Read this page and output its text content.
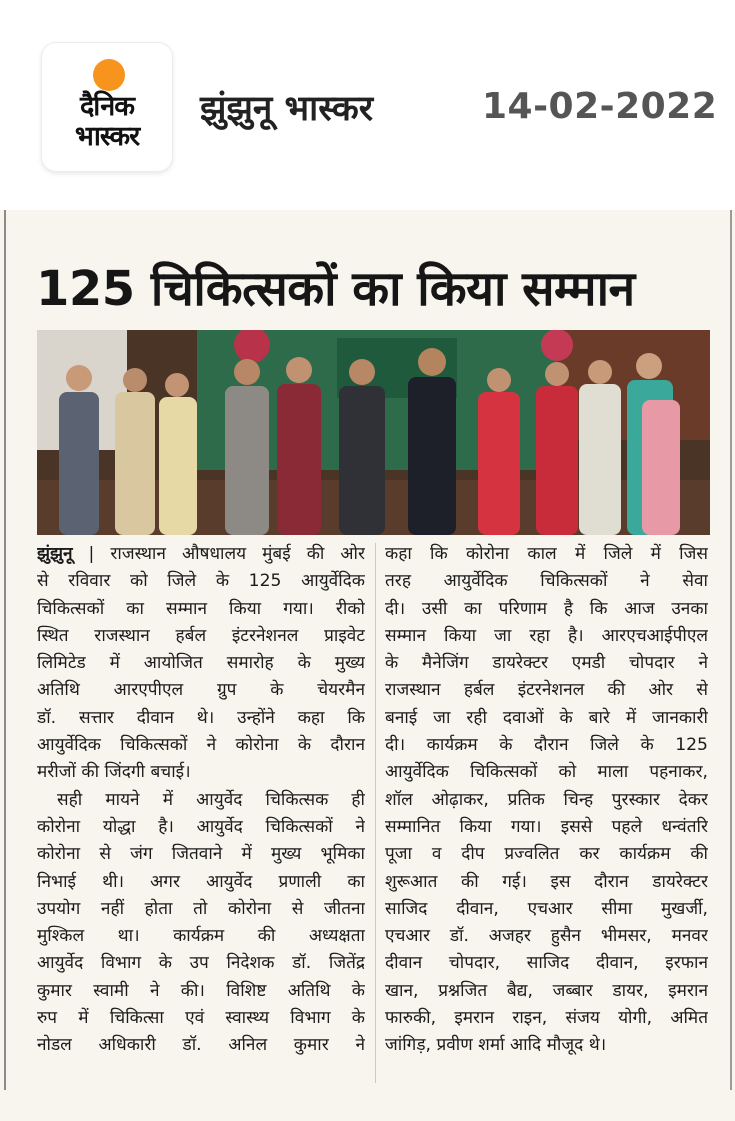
दैनिक
भास्कर
झुंझुनू भास्कर	14-02-2022
125 चिकित्सकों का किया सम्मान
झुंझुनू | राजस्थान औषधालय मुंबई की ओर
से रविवार को जिले के 125 आयुर्वेदिक
चिकित्सकों का सम्मान किया गया। रीको
स्थित राजस्थान हर्बल इंटरनेशनल प्राइवेट
लिमिटेड में आयोजित समारोह के मुख्य
अतिथि आरएपीएल ग्रुप के चेयरमैन
डॉ. सत्तार दीवान थे। उन्होंने कहा कि
आयुर्वेदिक चिकित्सकों ने कोरोना के दौरान
मरीजों की जिंदगी बचाई।
सही मायने में आयुर्वेद चिकित्सक ही
कोरोना योद्धा है। आयुर्वेद चिकित्सकों ने
कोरोना से जंग जितवाने में मुख्य भूमिका
निभाई थी। अगर आयुर्वेद प्रणाली का
उपयोग नहीं होता तो कोरोना से जीतना
मुश्किल था। कार्यक्रम की अध्यक्षता
आयुर्वेद विभाग के उप निदेशक डॉ. जितेंद्र
कुमार स्वामी ने की। विशिष्ट अतिथि के
रुप में चिकित्सा एवं स्वास्थ्य विभाग के
नोडल अधिकारी डॉ. अनिल कुमार ने
कहा कि कोरोना काल में जिले में जिस
तरह आयुर्वेदिक चिकित्सकों ने सेवा
दी। उसी का परिणाम है कि आज उनका
सम्मान किया जा रहा है। आरएचआईपीएल
के मैनेजिंग डायरेक्टर एमडी चोपदार ने
राजस्थान हर्बल इंटरनेशनल की ओर से
बनाई जा रही दवाओं के बारे में जानकारी
दी। कार्यक्रम के दौरान जिले के 125
आयुर्वेदिक चिकित्सकों को माला पहनाकर,
शॉल ओढ़ाकर, प्रतिक चिन्ह पुरस्कार देकर
सम्मानित किया गया। इससे पहले धन्वंतरि
पूजा व दीप प्रज्वलित कर कार्यक्रम की
शुरूआत की गई। इस दौरान डायरेक्टर
साजिद दीवान, एचआर सीमा मुखर्जी,
एचआर डॉ. अजहर हुसैन भीमसर, मनवर
दीवान चोपदार, साजिद दीवान, इरफान
खान, प्रश्नजित बैद्य, जब्बार डायर, इमरान
फारुकी, इमरान राइन, संजय योगी, अमित
जांगिड़, प्रवीण शर्मा आदि मौजूद थे।
